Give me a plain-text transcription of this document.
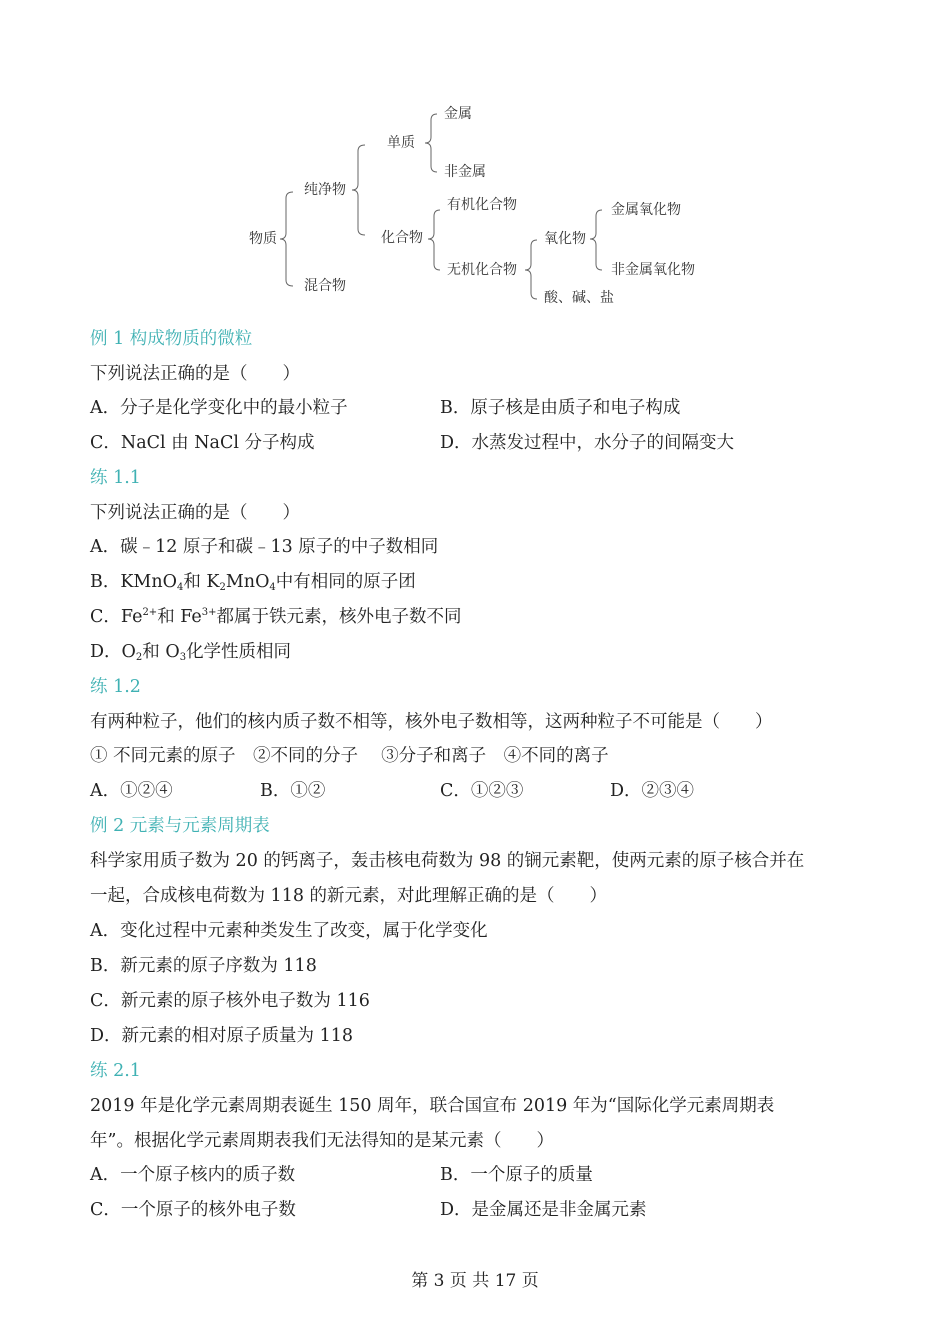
物质
纯净物
混合物
单质
金属
非金属
化合物
有机化合物
无机化合物
氧化物
金属氧化物
非金属氧化物
酸、碱、盐
例 1 构成物质的微粒
下列说法正确的是（　　）
A．分子是化学变化中的最小粒子	B．原子核是由质子和电子构成
C．NaCl 由 NaCl 分子构成	D．水蒸发过程中，水分子的间隔变大
练 1.1
下列说法正确的是（　　）
A．碳﹣12 原子和碳﹣13 原子的中子数相同
B．KMnO$_4$和 $K_2MnO_4$中有相同的原子团
C．$Fe^{2+}$和 $Fe^{3+}$都属于铁元素，核外电子数不同
D．$O_2$和 $O_3$化学性质相同
练 1.2
有两种粒子，他们的核内质子数不相等，核外电子数相等，这两种粒子不可能是（　　）
① 不同元素的原子　②不同的分子　 ③分子和离子　④不同的离子
A．①②④	B．①②	C．①②③	D．②③④
例 2 元素与元素周期表
科学家用质子数为 20 的钙离子，轰击核电荷数为 98 的锎元素靶，使两元素的原子核合并在
一起，合成核电荷数为 118 的新元素，对此理解正确的是（　　）
A．变化过程中元素种类发生了改变，属于化学变化
B．新元素的原子序数为 118
C．新元素的原子核外电子数为 116
D．新元素的相对原子质量为 118
练 2.1
2019 年是化学元素周期表诞生 150 周年，联合国宣布 2019 年为“国际化学元素周期表
年”。根据化学元素周期表我们无法得知的是某元素（　　）
A．一个原子核内的质子数	B．一个原子的质量
C．一个原子的核外电子数	D．是金属还是非金属元素
第 3 页 共 17 页
